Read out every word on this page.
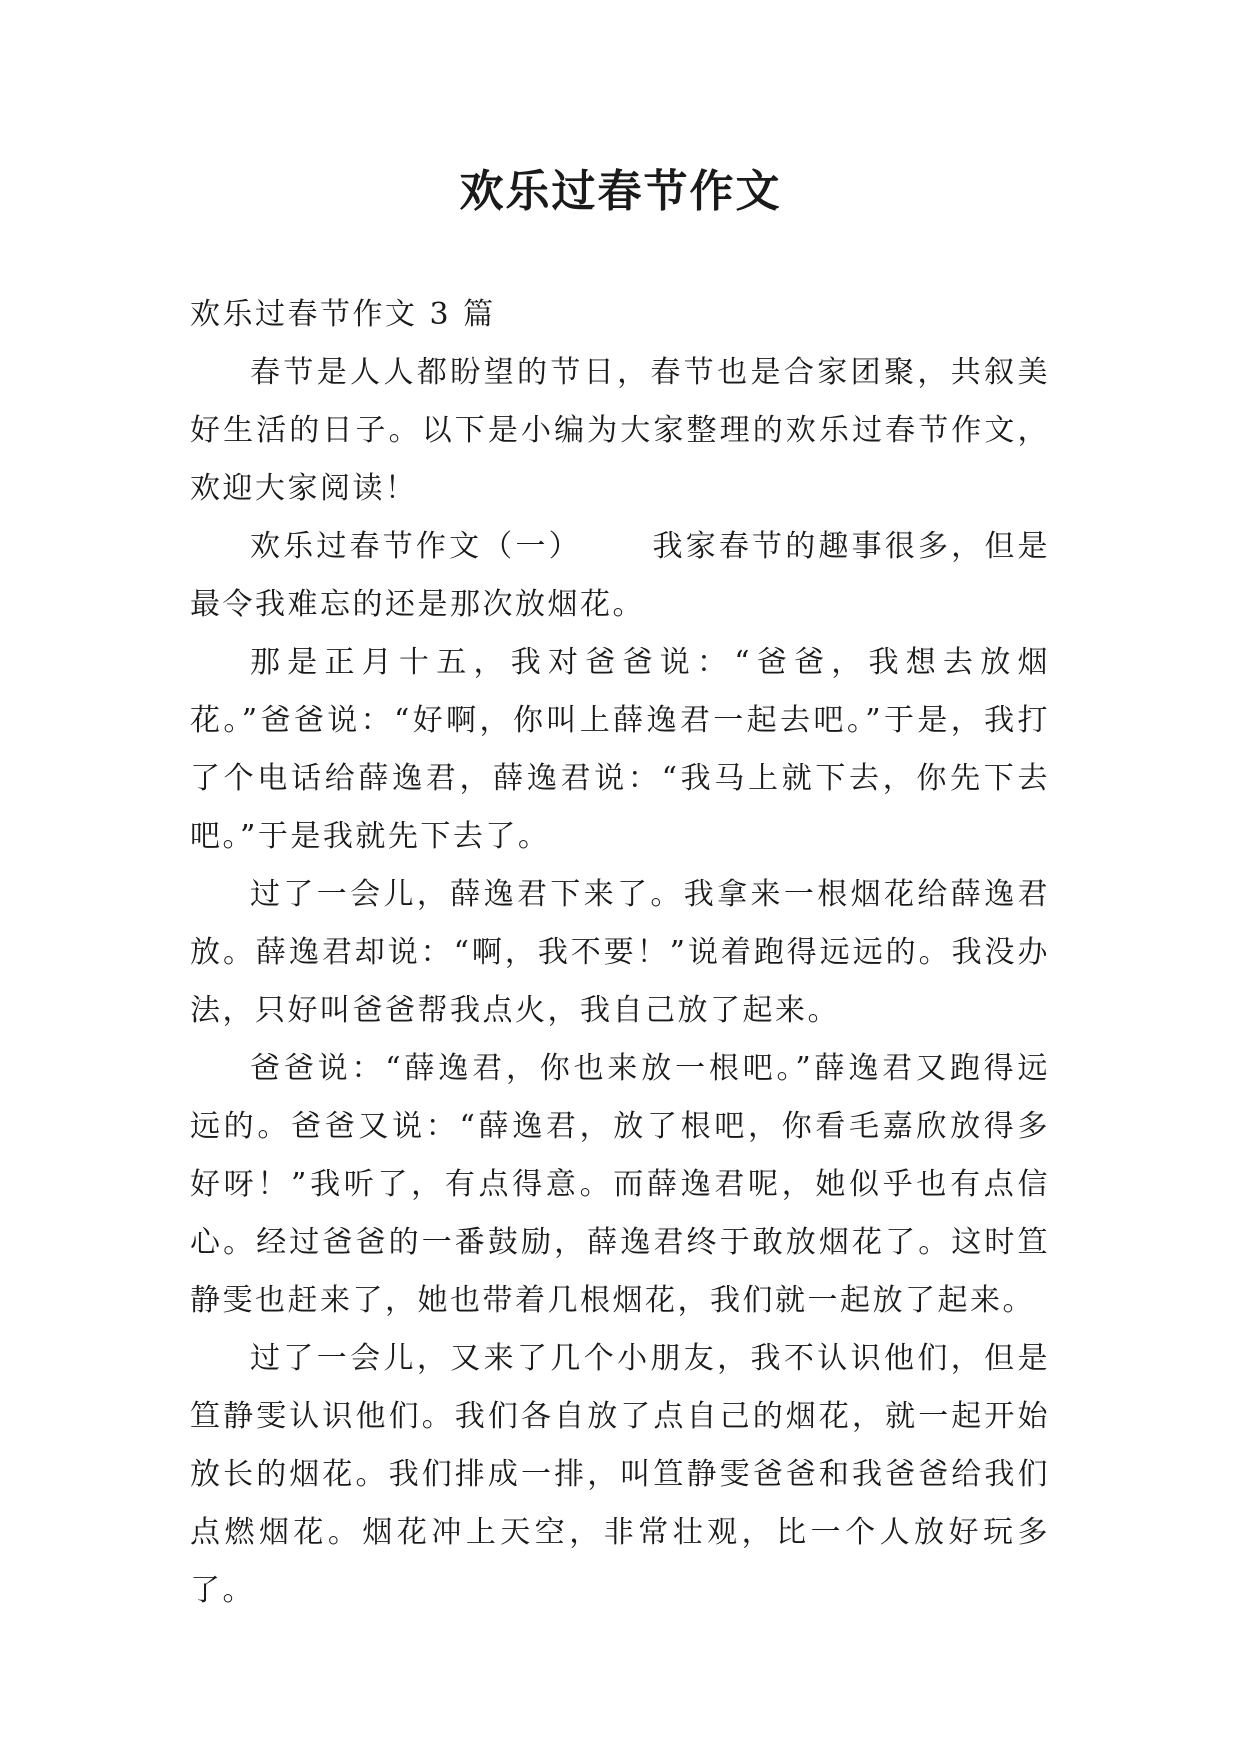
欢乐过春节作文

欢乐过春节作文 3 篇

春节是人人都盼望的节日，春节也是合家团聚，共叙美好生活的日子。以下是小编为大家整理的欢乐过春节作文，欢迎大家阅读！

欢乐过春节作文（一） 我家春节的趣事很多，但是最令我难忘的还是那次放烟花。

那是正月十五，我对爸爸说：“爸爸，我想去放烟花。”爸爸说：“好啊，你叫上薛逸君一起去吧。”于是，我打了个电话给薛逸君，薛逸君说：“我马上就下去，你先下去吧。”于是我就先下去了。

过了一会儿，薛逸君下来了。我拿来一根烟花给薛逸君放。薛逸君却说：“啊，我不要！”说着跑得远远的。我没办法，只好叫爸爸帮我点火，我自己放了起来。

爸爸说：“薛逸君，你也来放一根吧。”薛逸君又跑得远远的。爸爸又说：“薛逸君，放了根吧，你看毛嘉欣放得多好呀！”我听了，有点得意。而薛逸君呢，她似乎也有点信心。经过爸爸的一番鼓励，薛逸君终于敢放烟花了。这时笪静雯也赶来了，她也带着几根烟花，我们就一起放了起来。

过了一会儿，又来了几个小朋友，我不认识他们，但是笪静雯认识他们。我们各自放了点自己的烟花，就一起开始放长的烟花。我们排成一排，叫笪静雯爸爸和我爸爸给我们点燃烟花。烟花冲上天空，非常壮观，比一个人放好玩多了。
